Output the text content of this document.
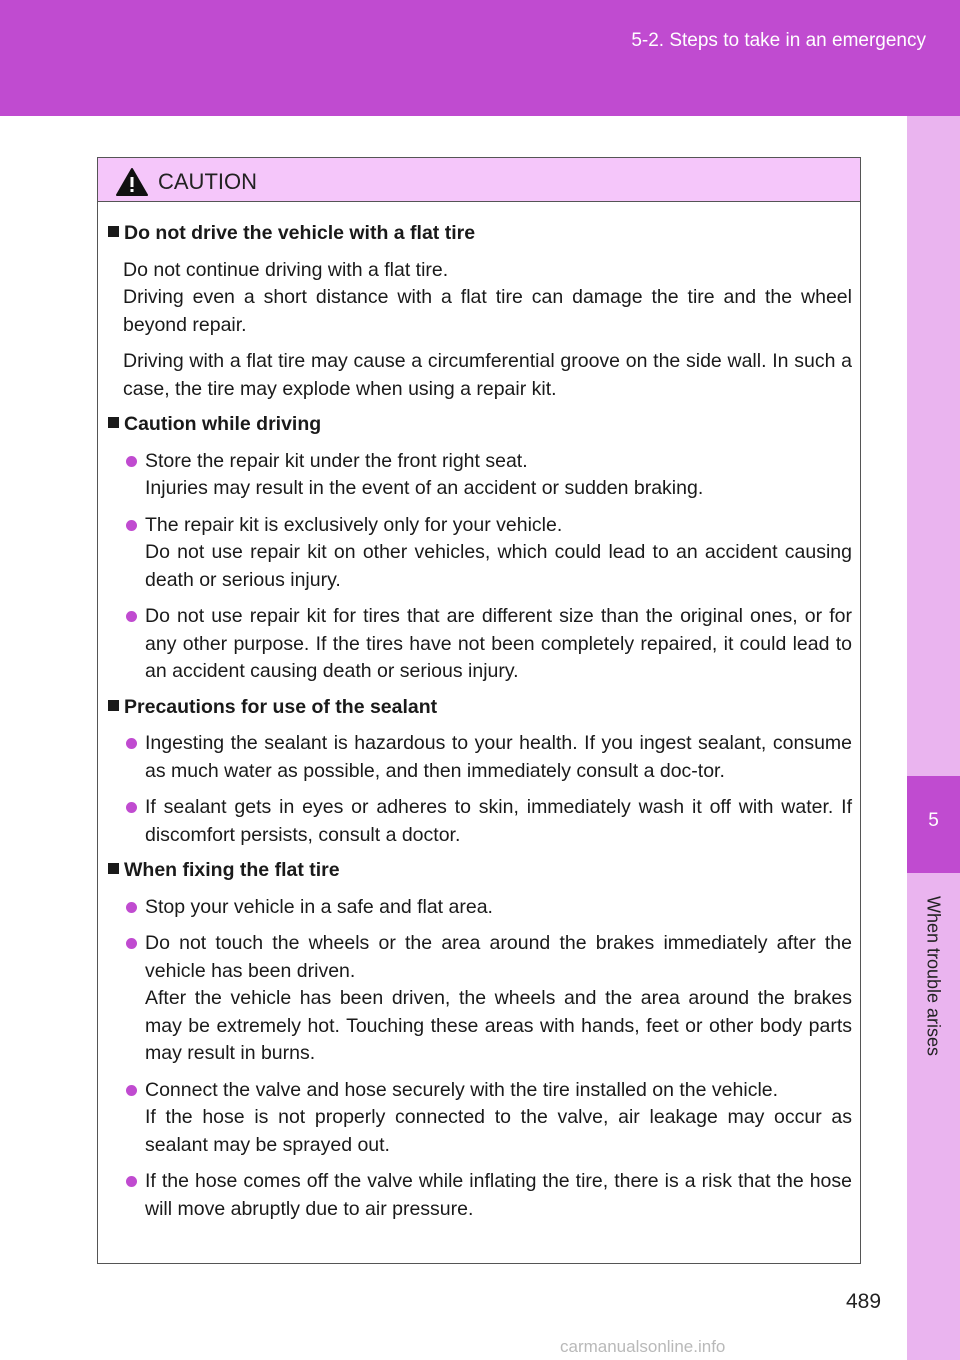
5-2. Steps to take in an emergency
5
When trouble arises
CAUTION
Do not drive the vehicle with a flat tire
Do not continue driving with a flat tire.
Driving even a short distance with a flat tire can damage the tire and the wheel beyond repair.
Driving with a flat tire may cause a circumferential groove on the side wall. In such a case, the tire may explode when using a repair kit.
Caution while driving
Store the repair kit under the front right seat.
Injuries may result in the event of an accident or sudden braking.
The repair kit is exclusively only for your vehicle.
Do not use repair kit on other vehicles, which could lead to an accident causing death or serious injury.
Do not use repair kit for tires that are different size than the original ones, or for any other purpose. If the tires have not been completely repaired, it could lead to an accident causing death or serious injury.
Precautions for use of the sealant
Ingesting the sealant is hazardous to your health. If you ingest sealant, consume as much water as possible, and then immediately consult a doc-tor.
If sealant gets in eyes or adheres to skin, immediately wash it off with water. If discomfort persists, consult a doctor.
When fixing the flat tire
Stop your vehicle in a safe and flat area.
Do not touch the wheels or the area around the brakes immediately after the vehicle has been driven.
After the vehicle has been driven, the wheels and the area around the brakes may be extremely hot. Touching these areas with hands, feet or other body parts may result in burns.
Connect the valve and hose securely with the tire installed on the vehicle.
If the hose is not properly connected to the valve, air leakage may occur as sealant may be sprayed out.
If the hose comes off the valve while inflating the tire, there is a risk that the hose will move abruptly due to air pressure.
489
carmanualsonline.info
